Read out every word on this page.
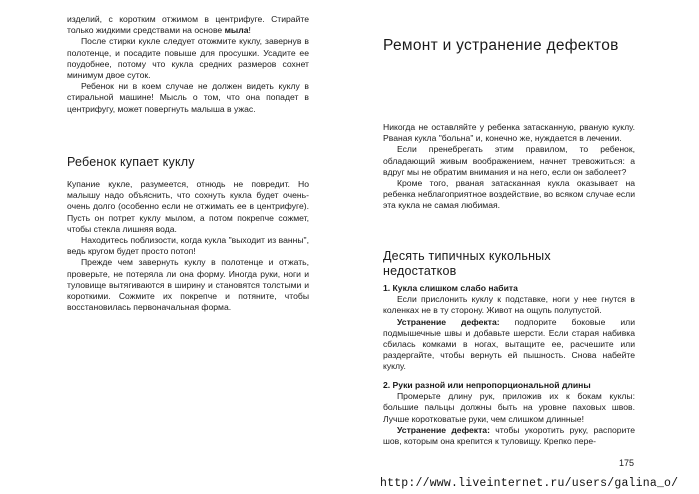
изделий, с коротким отжимом в центрифуге. Стирайте только жидкими средствами на основе мыла!

После стирки кукле следует отожмите куклу, завернув в полотенце, и посадите повыше для просушки. Усадите ее поудобнее, потому что кукла средних размеров сохнет минимум двое суток.

Ребенок ни в коем случае не должен видеть куклу в стиральной машине! Мысль о том, что она попадет в центрифугу, может повергнуть малыша в ужас.

Ребенок купает куклу

Купание кукле, разумеется, отнюдь не повредит. Но малышу надо объяснить, что сохнуть кукла будет очень-очень долго (особенно если не отжимать ее в центрифуге). Пусть он потрет куклу мылом, а потом покрепче сожмет, чтобы стекла лишняя вода.

Находитесь поблизости, когда кукла "выходит из ванны", ведь кругом будет просто потоп!

Прежде чем завернуть куклу в полотенце и отжать, проверьте, не потеряла ли она форму. Иногда руки, ноги и туловище вытягиваются в ширину и становятся толстыми и короткими. Сожмите их покрепче и потяните, чтобы восстановилась первоначальная форма.

Ремонт и устранение дефектов

Никогда не оставляйте у ребенка затасканную, рваную куклу. Рваная кукла "больна" и, конечно же, нуждается в лечении.

Если пренебрегать этим правилом, то ребенок, обладающий живым воображением, начнет тревожиться: а вдруг мы не обратим внимания и на него, если он заболеет?

Кроме того, рваная затасканная кукла оказывает на ребенка неблагоприятное воздействие, во всяком случае если эта кукла не самая любимая.

Десять типичных кукольных недостатков

1. Кукла слишком слабо набита

Если прислонить куклу к подставке, ноги у нее гнутся в коленках не в ту сторону. Живот на ощупь полупустой.

Устранение дефекта: подпорите боковые или подмышечные швы и добавьте шерсти. Если старая набивка сбилась комками в ногах, вытащите ее, расчешите или раздергайте, чтобы вернуть ей пышность. Снова набейте куклу.

2. Руки разной или непропорциональной длины

Промерьте длину рук, приложив их к бокам куклы: большие пальцы должны быть на уровне паховых швов. Лучше коротковатые руки, чем слишком длинные!

Устранение дефекта: чтобы укоротить руку, распорите шов, которым она крепится к туловищу. Крепко пере-

175
http://www.liveinternet.ru/users/galina_o/
